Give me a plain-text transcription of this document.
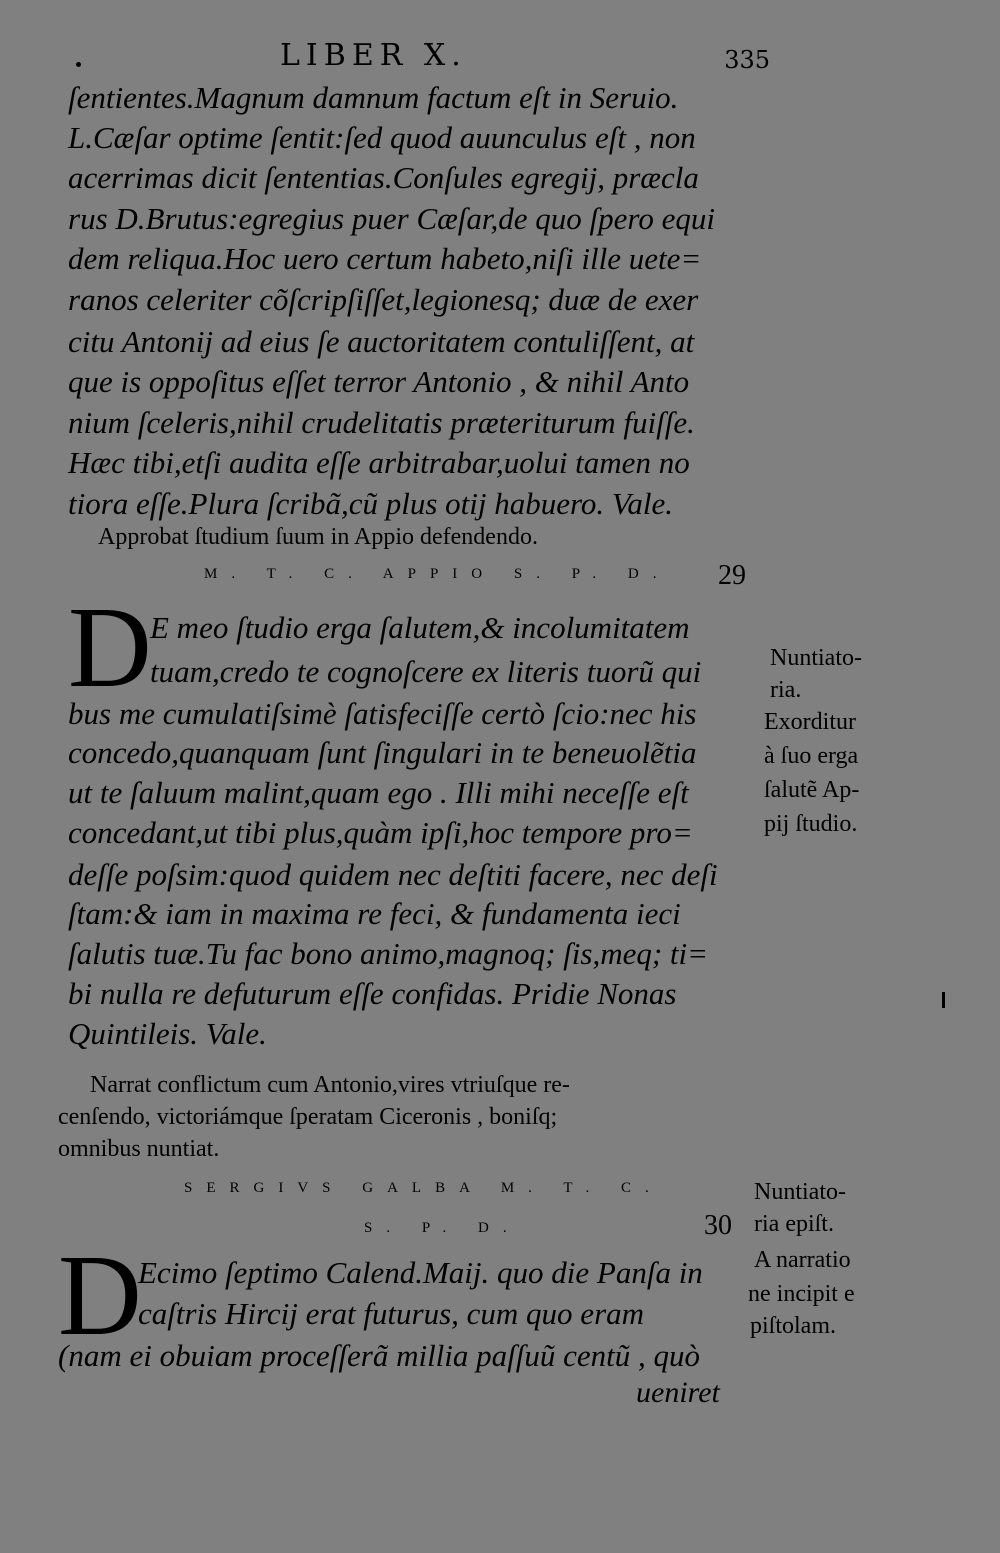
LIBER X.	335
ſentientes.Magnum damnum factum eſt in Seruio.
L.Cæſar optime ſentit:ſed quod auunculus eſt , non
acerrimas dicit ſententias.Conſules egregij, præcla
rus D.Brutus:egregius puer Cæſar,de quo ſpero equi
dem reliqua.Hoc uero certum habeto,niſi ille uete=
ranos celeriter cõſcripſiſſet,legionesq; duæ de exer
citu Antonij ad eius ſe auctoritatem contuliſſent, at
que is oppoſitus eſſet terror Antonio , & nihil Anto
nium ſceleris,nihil crudelitatis præteriturum fuiſſe.
Hæc tibi,etſi audita eſſe arbitrabar,uolui tamen no
tiora eſſe.Plura ſcribã,cũ plus otij habuero. Vale.
Approbat ſtudium ſuum in Appio defendendo.
M. T. C. APPIO S. P. D. 29
D
E meo ſtudio erga ſalutem,& incolumitatem
tuam,credo te cognoſcere ex literis tuorũ qui
bus me cumulatiſsimè ſatisfeciſſe certò ſcio:nec his
concedo,quanquam ſunt ſingulari in te beneuolẽtia
ut te ſaluum malint,quam ego . Illi mihi neceſſe eſt
concedant,ut tibi plus,quàm ipſi,hoc tempore pro=
deſſe poſsim:quod quidem nec deſtiti facere, nec deſi
ſtam:& iam in maxima re feci, & fundamenta ieci
ſalutis tuæ.Tu fac bono animo,magnoq; ſis,meq; ti=
bi nulla re defuturum eſſe confidas. Pridie Nonas
Quintileis. Vale.
Nuntiato-
ria.
Exorditur
à ſuo erga
ſalutẽ Ap-
pij ſtudio.
Narrat conflictum cum Antonio,vires vtriuſque re-
cenſendo, victoriámque ſperatam Ciceronis , boniſq;
omnibus nuntiat.
SERGIVS GALBA M. T. C.
S. P. D.	30
D
Ecimo ſeptimo Calend.Maij. quo die Panſa in
caſtris Hircij erat futurus, cum quo eram
(nam ei obuiam proceſſerã millia paſſuũ centũ , quò
ueniret
Nuntiato-
ria epiſt.
A narratio
ne incipit e
piſtolam.
